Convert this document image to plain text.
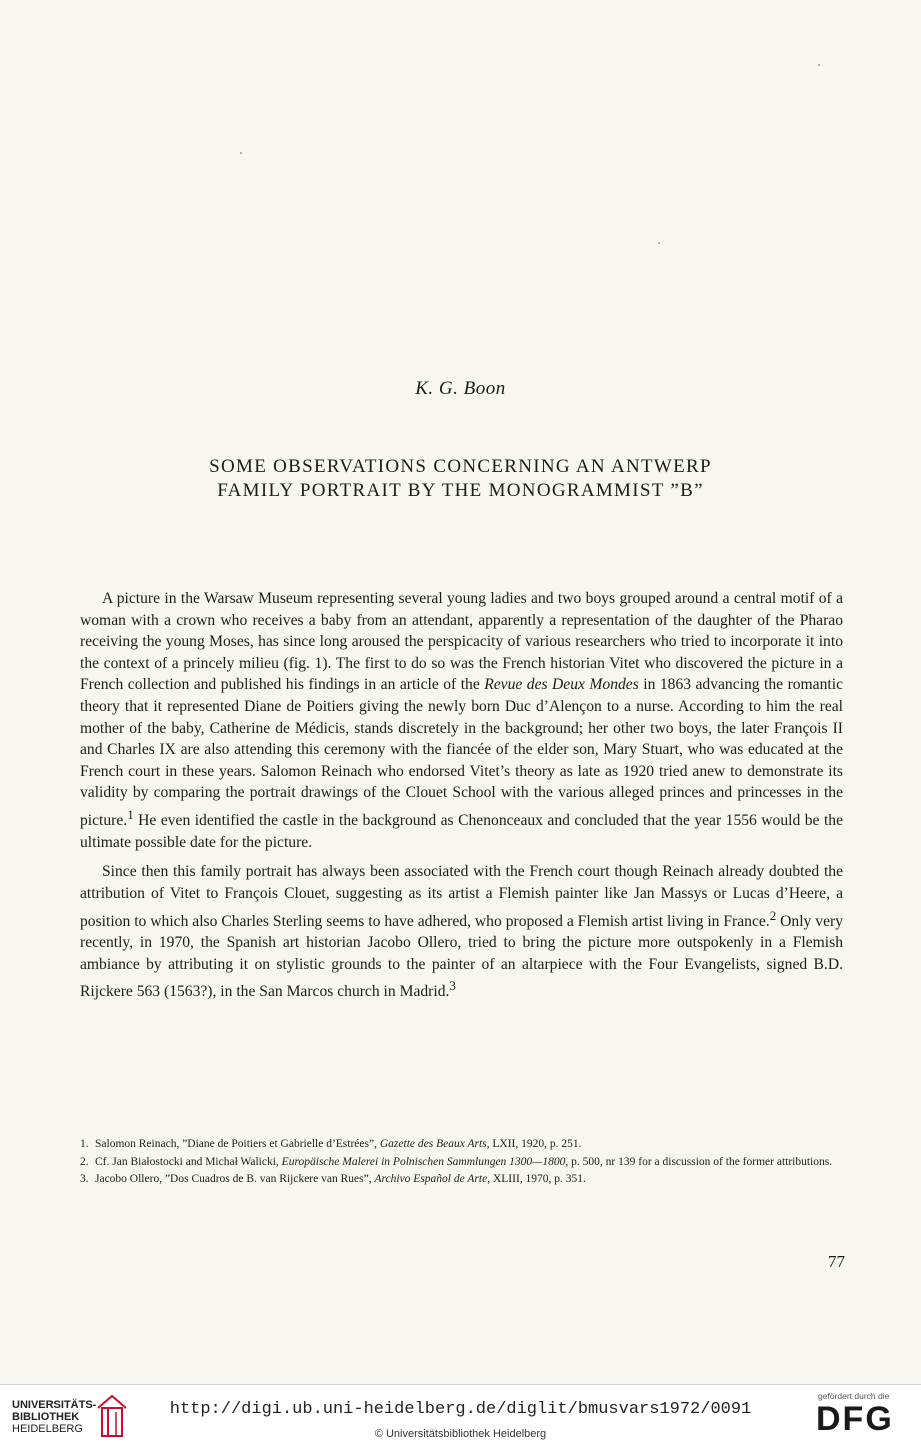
K. G. Boon
SOME OBSERVATIONS CONCERNING AN ANTWERP
FAMILY PORTRAIT BY THE MONOGRAMMIST ”B”

A picture in the Warsaw Museum representing several young ladies and two boys grouped around a central motif of a woman with a crown who receives a baby from an attendant, apparently a representation of the daughter of the Pharao receiving the young Moses, has since long aroused the perspicacity of various researchers who tried to incorporate it into the context of a princely milieu (fig. 1). The first to do so was the French historian Vitet who discovered the picture in a French collection and published his findings in an article of the Revue des Deux Mondes in 1863 advancing the romantic theory that it represented Diane de Poitiers giving the newly born Duc d’Alençon to a nurse. According to him the real mother of the baby, Catherine de Médicis, stands discretely in the background; her other two boys, the later François II and Charles IX are also attending this ceremony with the fiancée of the elder son, Mary Stuart, who was educated at the French court in these years. Salomon Reinach who endorsed Vitet’s theory as late as 1920 tried anew to demonstrate its validity by comparing the portrait drawings of the Clouet School with the various alleged princes and princesses in the picture.$^1$ He even identified the castle in the background as Chenonceaux and concluded that the year 1556 would be the ultimate possible date for the picture.

Since then this family portrait has always been associated with the French court though Reinach already doubted the attribution of Vitet to François Clouet, suggesting as its artist a Flemish painter like Jan Massys or Lucas d’Heere, a position to which also Charles Sterling seems to have adhered, who proposed a Flemish artist living in France.$^2$ Only very recently, in 1970, the Spanish art historian Jacobo Ollero, tried to bring the picture more outspokenly in a Flemish ambiance by attributing it on stylistic grounds to the painter of an altarpiece with the Four Evangelists, signed B.D. Rijckere 563 (1563?), in the San Marcos church in Madrid.$^3$

1. Salomon Reinach, ”Diane de Poitiers et Gabrielle d’Estrées”, Gazette des Beaux Arts, LXII, 1920, p. 251.
2. Cf. Jan Białostocki and Michał Walicki, Europäische Malerei in Polnischen Sammlungen 1300—1800, p. 500, nr 139 for a discussion of the former attributions.
3. Jacobo Ollero, ”Dos Cuadros de B. van Rijckere van Rues”, Archivo Español de Arte, XLIII, 1970, p. 351.
77
UNIVERSITÄTS-
BIBLIOTHEK
HEIDELBERG
http://digi.ub.uni-heidelberg.de/diglit/bmusvars1972/0091
© Universitätsbibliothek Heidelberg
gefördert durch die
DFG
